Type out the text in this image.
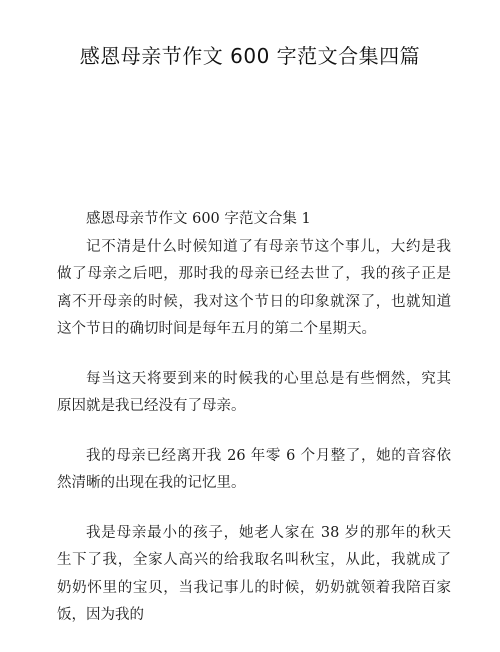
感恩母亲节作文 600 字范文合集四篇

感恩母亲节作文 600 字范文合集 1

记不清是什么时候知道了有母亲节这个事儿，大约是我 做了母亲之后吧，那时我的母亲已经去世了，我的孩子正是 离不开母亲的时候，我对这个节日的印象就深了，也就知道 这个节日的确切时间是每年五月的第二个星期天。

每当这天将要到来的时候我的心里总是有些惘然，究其 原因就是我已经没有了母亲。

我的母亲已经离开我 26 年零 6 个月整了，她的音容依 然清晰的出现在我的记忆里。

我是母亲最小的孩子，她老人家在 38 岁的那年的秋天 生下了我，全家人高兴的给我取名叫秋宝，从此，我就成了 奶奶怀里的宝贝，当我记事儿的时候，奶奶就领着我陪百家 饭，因为我的
